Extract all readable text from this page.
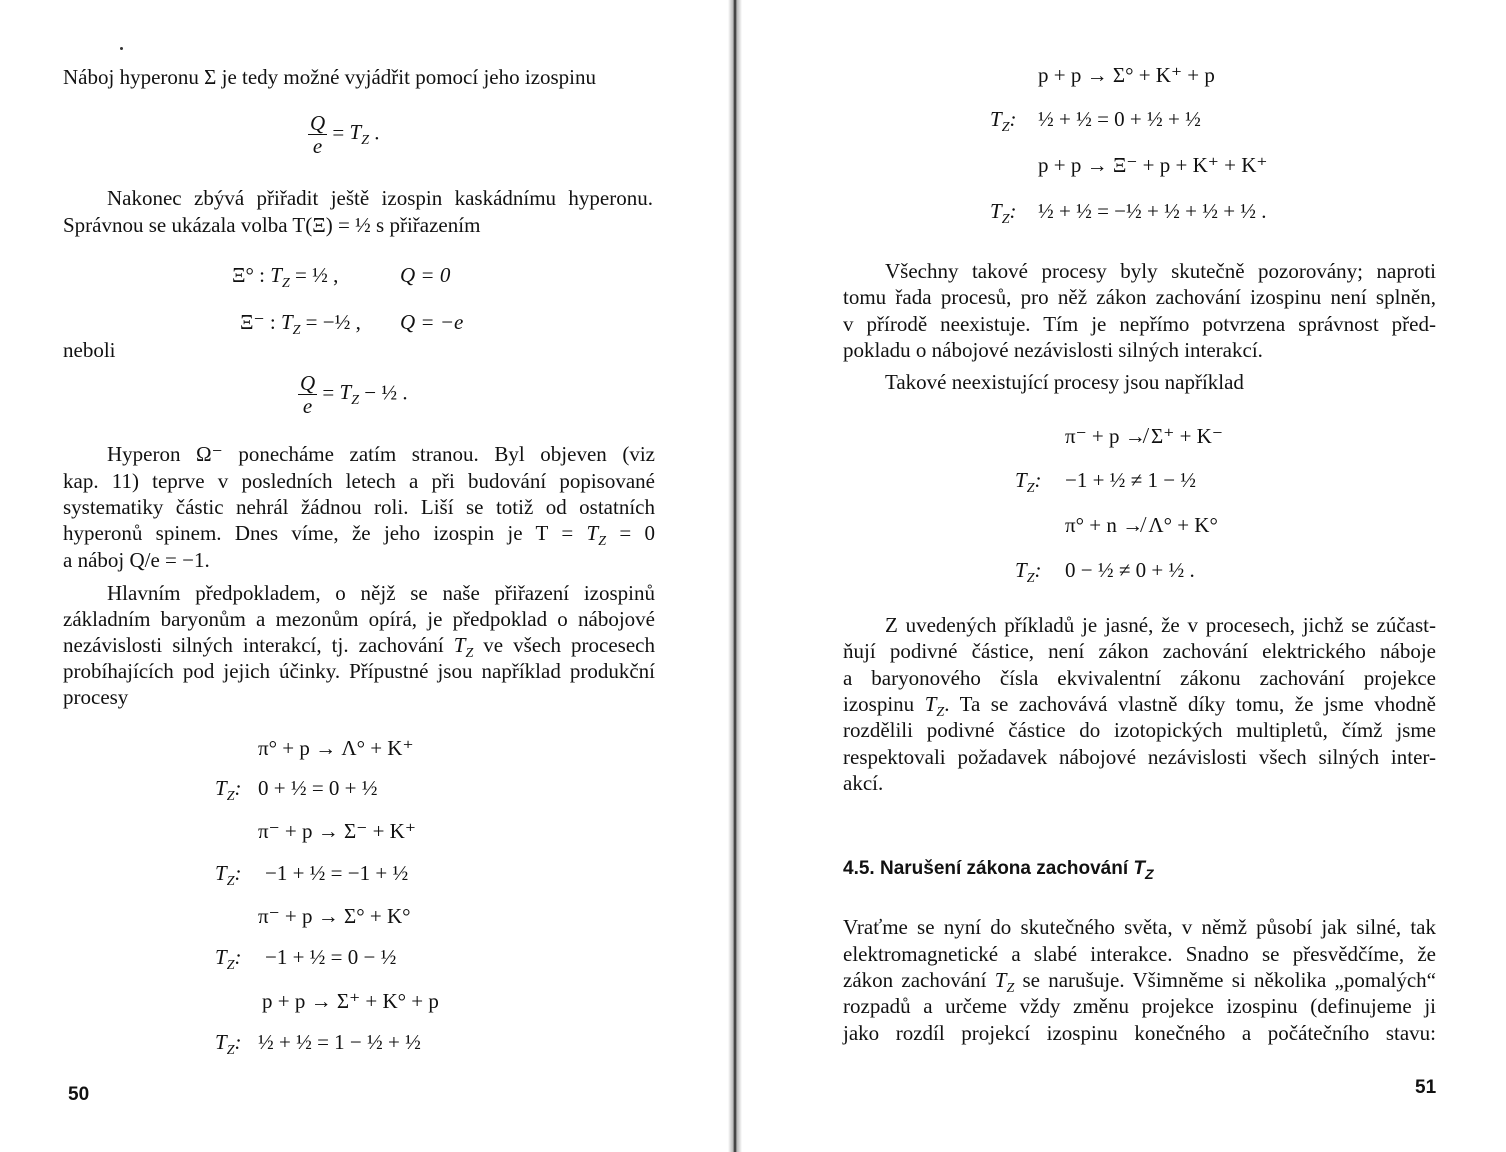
Náboj hyperonu Σ je tedy možné vyjádřit pomocí jeho izospinu
$\frac{Q}{e} = T_Z$ .
Nakonec zbývá přiřadit ještě izospin kaskádnímu hyperonu.
Správnou se ukázala volba T(Ξ) = ½ s přiřazením
Ξ° : $T_Z$ = ½ ,	Q = 0
Ξ⁻ : $T_Z$ = −½ , Q = −e
neboli
$\frac{Q}{e} = T_Z$ − ½ .
Hyperon Ω⁻ ponecháme zatím stranou. Byl objeven (viz
kap. 11) teprve v posledních letech a při budování popisované
systematiky částic nehrál žádnou roli. Liší se totiž od ostatních
hyperonů spinem. Dnes víme, že jeho izospin je $T = T_Z = 0$
a náboj Q/e = −1.
Hlavním předpokladem, o nějž se naše přiřazení izospinů
základním baryonům a mezonům opírá, je předpoklad o nábojové
nezávislosti silných interakcí, tj. zachování $T_Z$ ve všech procesech
probíhajících pod jejich účinky. Přípustné jsou například produkční
procesy
π° + p → Λ° + K⁺
$T_Z$: 0 + ½ = 0 + ½
π⁻ + p → Σ⁻ + K⁺
$T_Z$: −1 + ½ = −1 + ½
π⁻ + p → Σ° + K°
$T_Z$: −1 + ½ = 0 − ½
p + p → Σ⁺ + K° + p
$T_Z$: ½ + ½ = 1 − ½ + ½
50
p + p → Σ° + K⁺ + p
$T_Z$: ½ + ½ = 0 + ½ + ½
p + p → Ξ⁻ + p + K⁺ + K⁺
$T_Z$: ½ + ½ = −½ + ½ + ½ + ½ .
Všechny takové procesy byly skutečně pozorovány; naproti
tomu řada procesů, pro něž zákon zachování izospinu není splněn,
v přírodě neexistuje. Tím je nepřímo potvrzena správnost před-
pokladu o nábojové nezávislosti silných interakcí.
Takové neexistující procesy jsou například
π⁻ + p ↛ Σ⁺ + K⁻
$T_Z$: −1 + ½ ≠ 1 − ½
π° + n ↛ Λ° + K°
$T_Z$: 0 − ½ ≠ 0 + ½ .
Z uvedených příkladů je jasné, že v procesech, jichž se zúčast-
ňují podivné částice, není zákon zachování elektrického náboje
a baryonového čísla ekvivalentní zákonu zachování projekce
izospinu $T_Z$. Ta se zachovává vlastně díky tomu, že jsme vhodně
rozdělili podivné částice do izotopických multipletů, čímž jsme
respektovali požadavek nábojové nezávislosti všech silných inter-
akcí.
4.5. Narušení zákona zachování $T_Z$
Vraťme se nyní do skutečného světa, v němž působí jak silné, tak
elektromagnetické a slabé interakce. Snadno se přesvědčíme, že
zákon zachování $T_Z$ se narušuje. Všimněme si několika „pomalých“
rozpadů a určeme vždy změnu projekce izospinu (definujeme ji
jako rozdíl projekcí izospinu konečného a počátečního stavu:
51
